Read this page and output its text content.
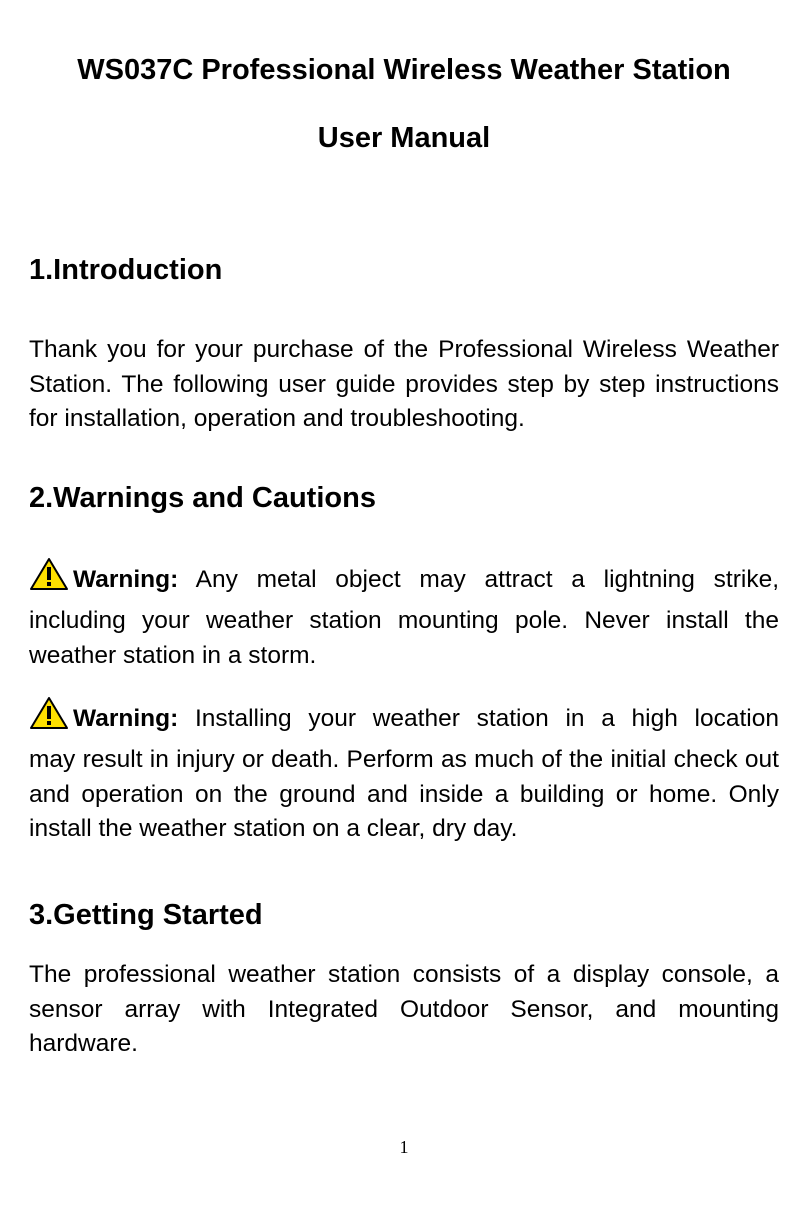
WS037C Professional Wireless Weather Station
User Manual
1.Introduction

Thank you for your purchase of the Professional Wireless Weather Station. The following user guide provides step by step instructions for installation, operation and troubleshooting.

2.Warnings and Cautions
Warning: Any metal object may attract a lightning strike,
including your weather station mounting pole. Never install the weather station in a storm.
Warning: Installing your weather station in a high location
may result in injury or death. Perform as much of the initial check out and operation on the ground and inside a building or home. Only install the weather station on a clear, dry day.
3.Getting Started

The professional weather station consists of a display console, a sensor array with Integrated Outdoor Sensor, and mounting hardware.

1
